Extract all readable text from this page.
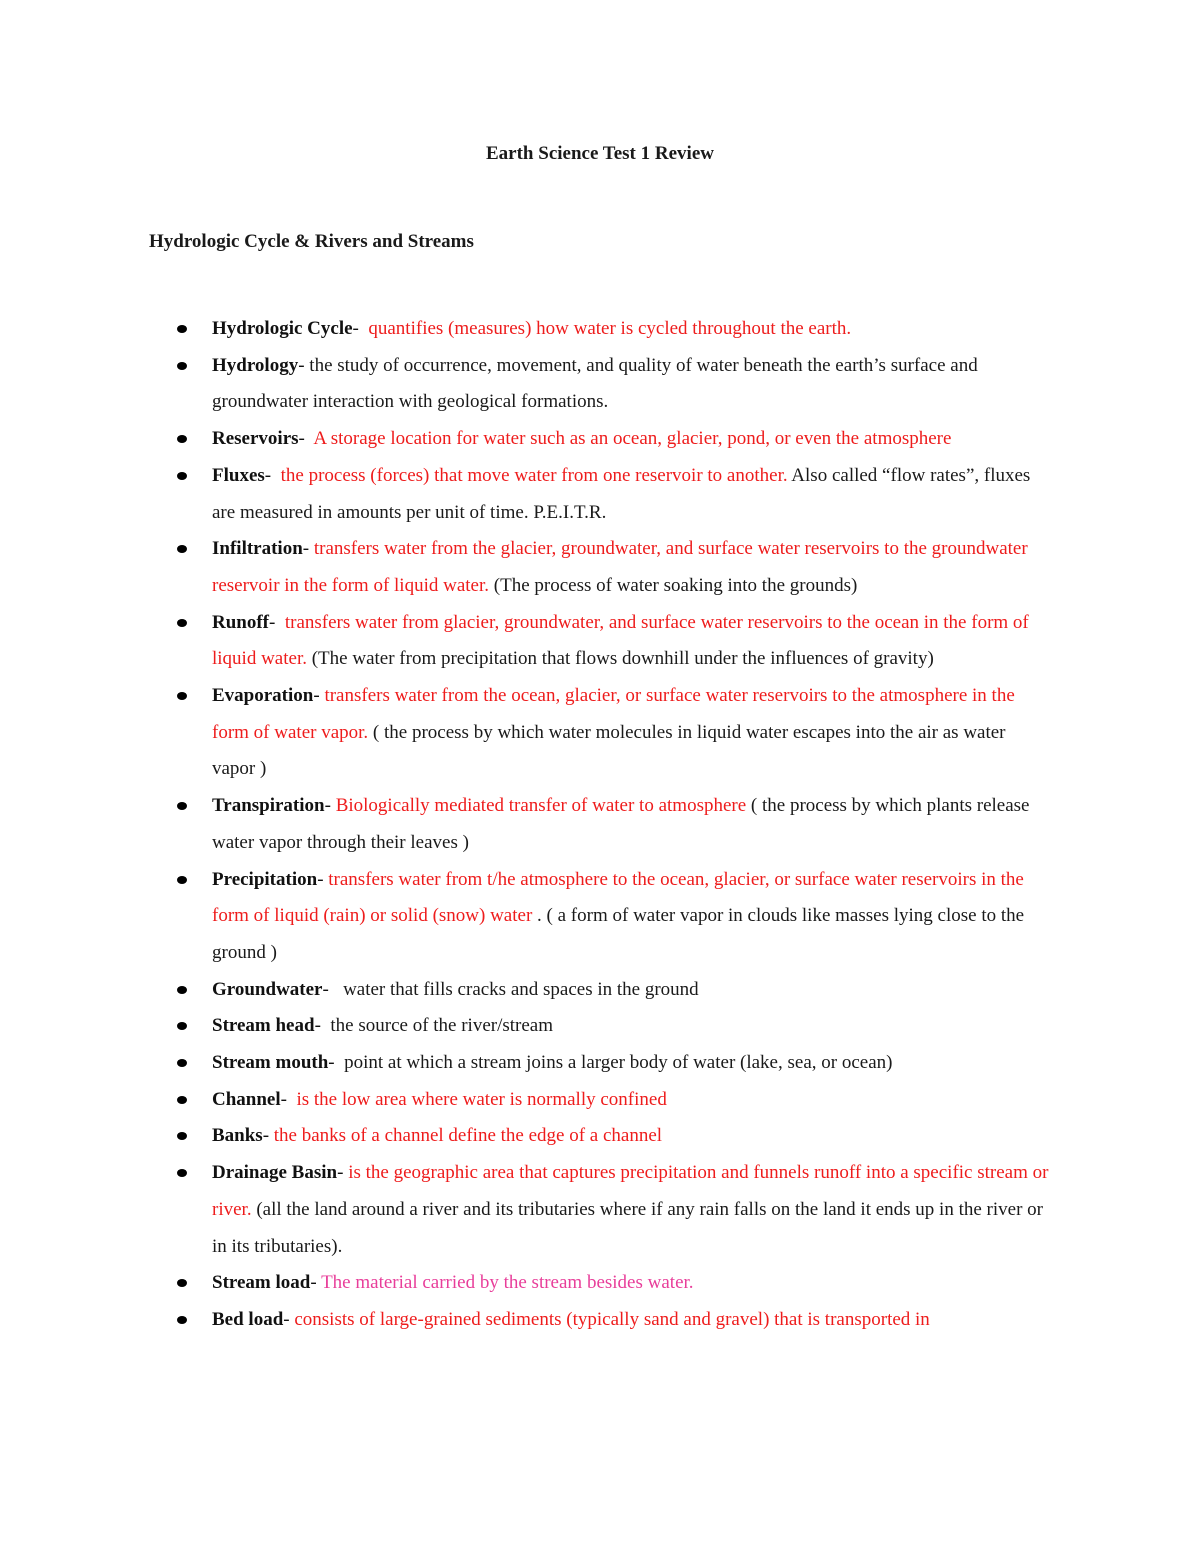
Earth Science Test 1 Review
Hydrologic Cycle & Rivers and Streams
Hydrologic Cycle-  quantifies (measures) how water is cycled throughout the earth.
Hydrology- the study of occurrence, movement, and quality of water beneath the earth’s surface and groundwater interaction with geological formations.
Reservoirs-  A storage location for water such as an ocean, glacier, pond, or even the atmosphere
Fluxes-  the process (forces) that move water from one reservoir to another. Also called “flow rates”, fluxes are measured in amounts per unit of time. P.E.I.T.R.
Infiltration- transfers water from the glacier, groundwater, and surface water reservoirs to the groundwater reservoir in the form of liquid water. (The process of water soaking into the grounds)
Runoff-  transfers water from glacier, groundwater, and surface water reservoirs to the ocean in the form of liquid water. (The water from precipitation that flows downhill under the influences of gravity)
Evaporation- transfers water from the ocean, glacier, or surface water reservoirs to the atmosphere in the form of water vapor. ( the process by which water molecules in liquid water escapes into the air as water vapor )
Transpiration- Biologically mediated transfer of water to atmosphere ( the process by which plants release water vapor through their leaves )
Precipitation- transfers water from t/he atmosphere to the ocean, glacier, or surface water reservoirs in the form of liquid (rain) or solid (snow) water . ( a form of water vapor in clouds like masses lying close to the ground )
Groundwater-   water that fills cracks and spaces in the ground
Stream head-  the source of the river/stream
Stream mouth-  point at which a stream joins a larger body of water (lake, sea, or ocean)
Channel-  is the low area where water is normally confined
Banks- the banks of a channel define the edge of a channel
Drainage Basin- is the geographic area that captures precipitation and funnels runoff into a specific stream or river. (all the land around a river and its tributaries where if any rain falls on the land it ends up in the river or in its tributaries).
Stream load- The material carried by the stream besides water.
Bed load- consists of large-grained sediments (typically sand and gravel) that is transported in
